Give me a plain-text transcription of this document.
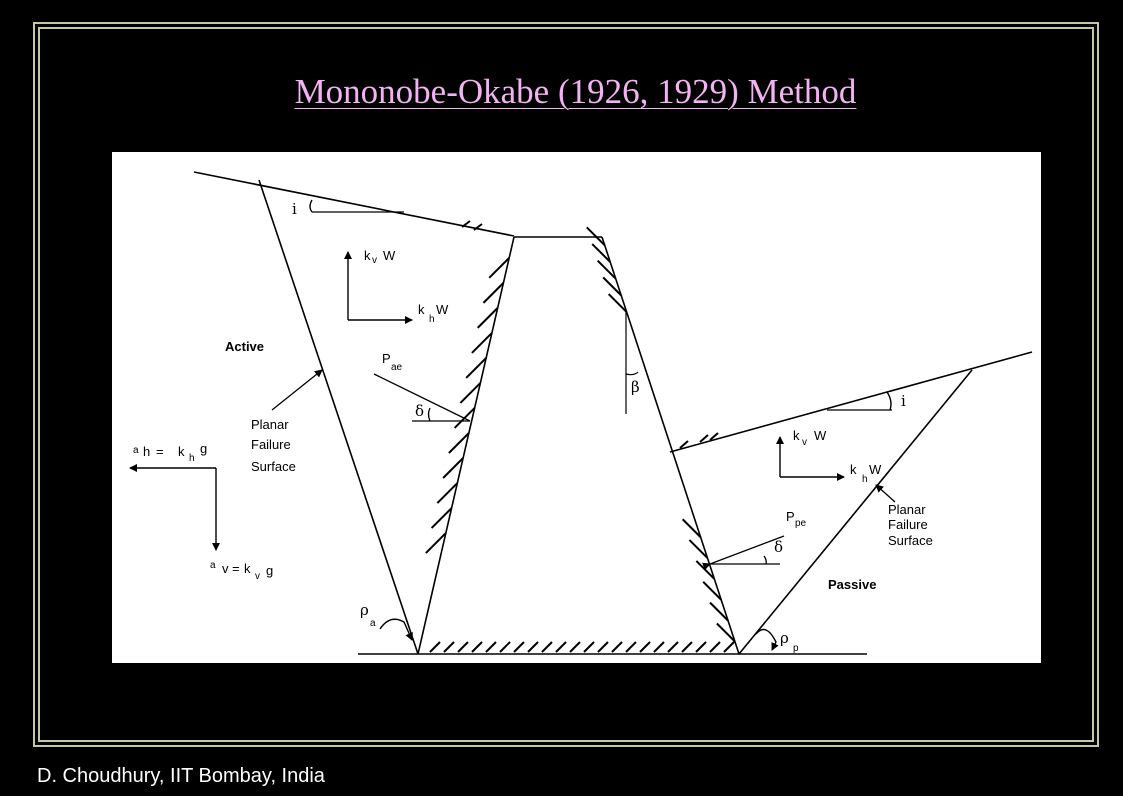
Mononobe-Okabe (1926, 1929) Method
i
i
β
k v W
k
h
W
k v W
k
h
W
P
ae
δ
P pe
δ
Active
Passive
Planar
Failure
Surface
Planar
Failure
Surface
ρ
a
ρ
p
a h = k h
g
a v = k
v g
D. Choudhury, IIT Bombay, India
